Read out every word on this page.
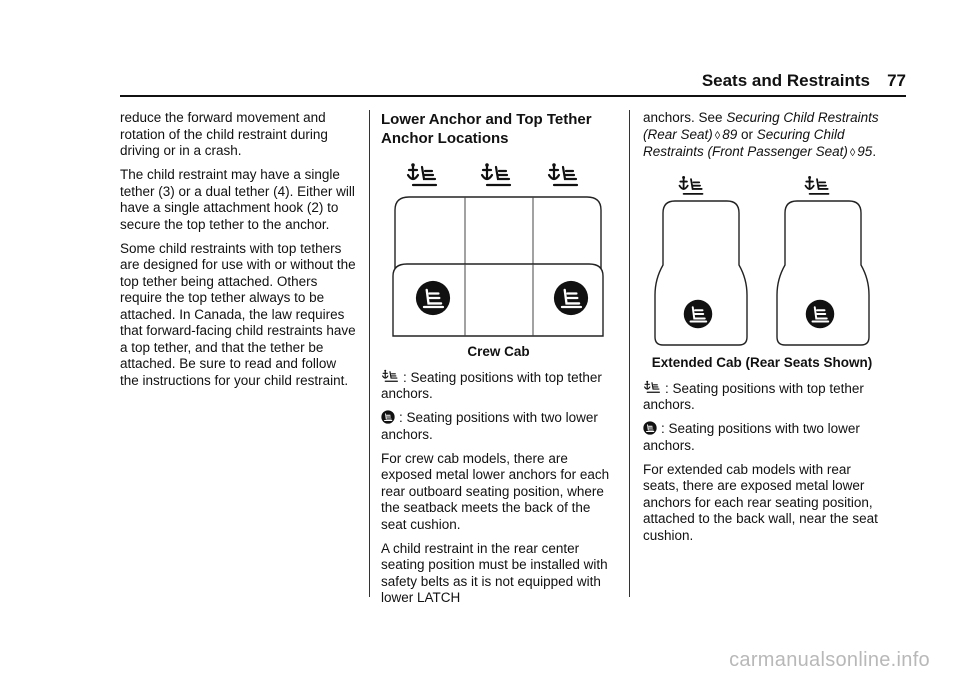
Seats and Restraints 77

reduce the forward movement and rotation of the child restraint during driving or in a crash.

The child restraint may have a single tether (3) or a dual tether (4). Either will have a single attachment hook (2) to secure the top tether to the anchor.

Some child restraints with top tethers are designed for use with or without the top tether being attached. Others require the top tether always to be attached. In Canada, the law requires that forward-facing child restraints have a top tether, and that the tether be attached. Be sure to read and follow the instructions for your child restraint.

Lower Anchor and Top Tether Anchor Locations
Crew Cab

: Seating positions with top tether anchors.

: Seating positions with two lower anchors.

For crew cab models, there are exposed metal lower anchors for each rear outboard seating position, where the seatback meets the back of the seat cushion.

A child restraint in the rear center seating position must be installed with safety belts as it is not equipped with lower LATCH

anchors. See Securing Child Restraints (Rear Seat) ◊ 89 or Securing Child Restraints (Front Passenger Seat) ◊ 95.

Extended Cab (Rear Seats Shown)

: Seating positions with top tether anchors.

: Seating positions with two lower anchors.

For extended cab models with rear seats, there are exposed metal lower anchors for each rear seating position, attached to the back wall, near the seat cushion.

carmanualsonline.info
